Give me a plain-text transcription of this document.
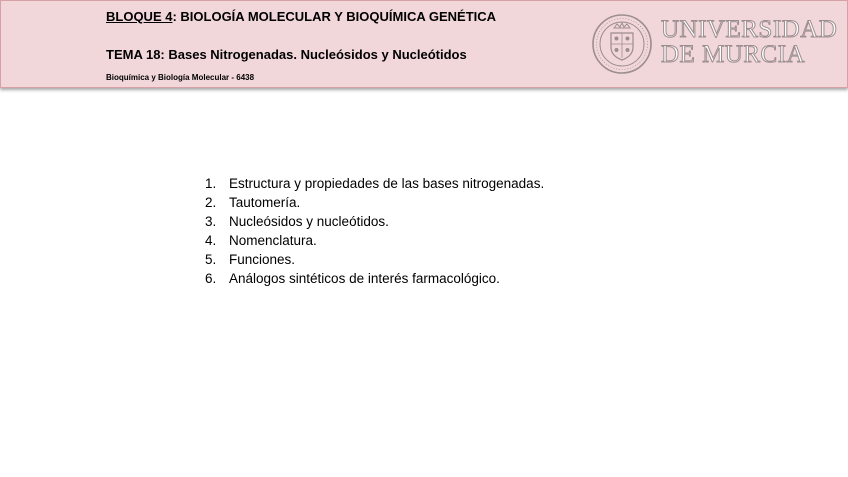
BLOQUE 4: BIOLOGÍA MOLECULAR Y BIOQUÍMICA GENÉTICA
TEMA 18: Bases Nitrogenadas. Nucleósidos y Nucleótidos
Bioquímica y Biología Molecular - 6438
UNIVERSIDAD
DE MURCIA
1. Estructura y propiedades de las bases nitrogenadas.
2. Tautomería.
3. Nucleósidos y nucleótidos.
4. Nomenclatura.
5. Funciones.
6. Análogos sintéticos de interés farmacológico.
